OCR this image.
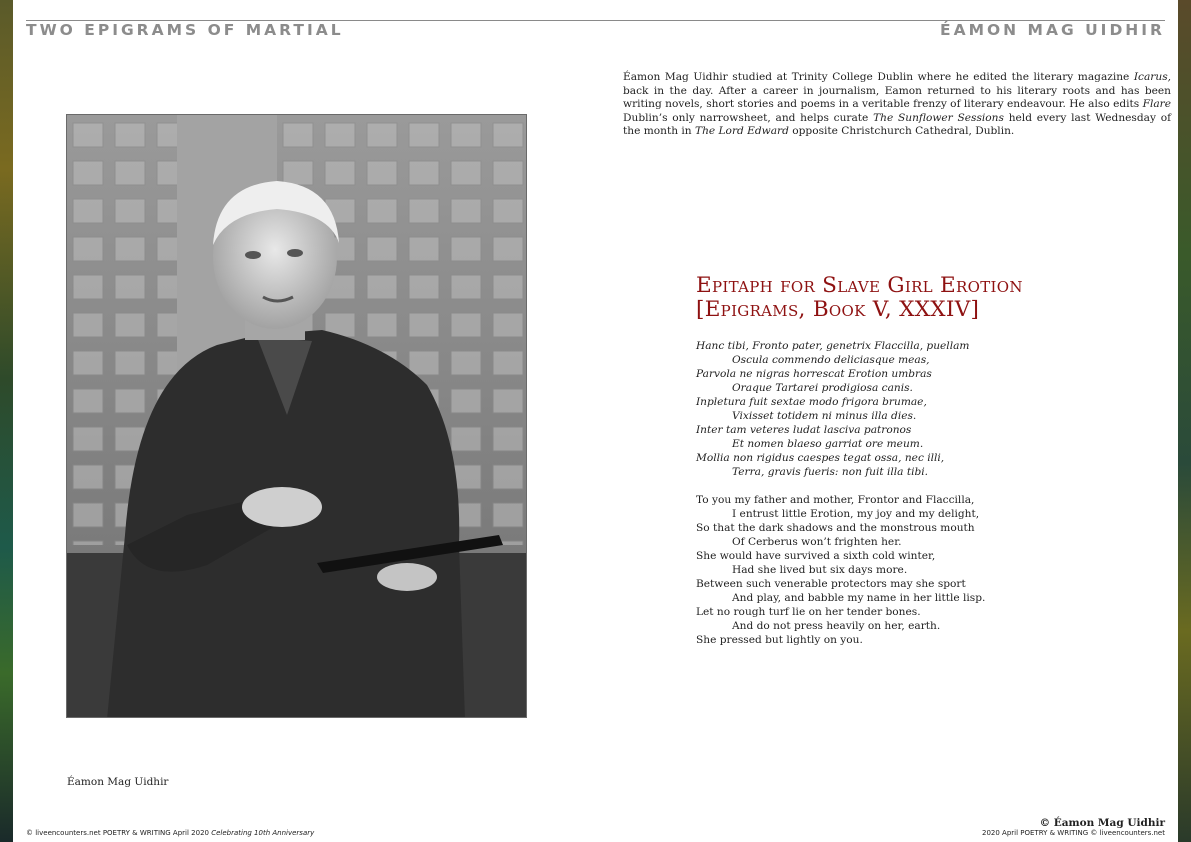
TWO EPIGRAMS OF MARTIAL	ÉAMON MAG UIDHIR
Éamon Mag Uidhir
Éamon Mag Uidhir studied at Trinity College Dublin where he edited the literary magazine Icarus, back in the day. After a career in journalism, Eamon returned to his literary roots and has been writing novels, short stories and poems in a veritable frenzy of literary endeavour. He also edits Flare Dublin’s only narrowsheet, and helps curate The Sunflower Sessions held every last Wednesday of the month in The Lord Edward opposite Christchurch Cathedral, Dublin.
Epitaph for Slave Girl Erotion
[Epigrams, Book V, XXXIV]
Hanc tibi, Fronto pater, genetrix Flaccilla, puellam
Oscula commendo deliciasque meas,
Parvola ne nigras horrescat Erotion umbras
Oraque Tartarei prodigiosa canis.
Inpletura fuit sextae modo frigora brumae,
Vixisset totidem ni minus illa dies.
Inter tam veteres ludat lasciva patronos
Et nomen blaeso garriat ore meum.
Mollia non rigidus caespes tegat ossa, nec illi,
Terra, gravis fueris: non fuit illa tibi.
To you my father and mother, Frontor and Flaccilla,
I entrust little Erotion, my joy and my delight,
So that the dark shadows and the monstrous mouth
Of Cerberus won’t frighten her.
She would have survived a sixth cold winter,
Had she lived but six days more.
Between such venerable protectors may she sport
And play, and babble my name in her little lisp.
Let no rough turf lie on her tender bones.
And do not press heavily on her, earth.
She pressed but lightly on you.
© Éamon Mag Uidhir
© liveencounters.net POETRY & WRITING April 2020 Celebrating 10th Anniversary	2020 April POETRY & WRITING © liveencounters.net
